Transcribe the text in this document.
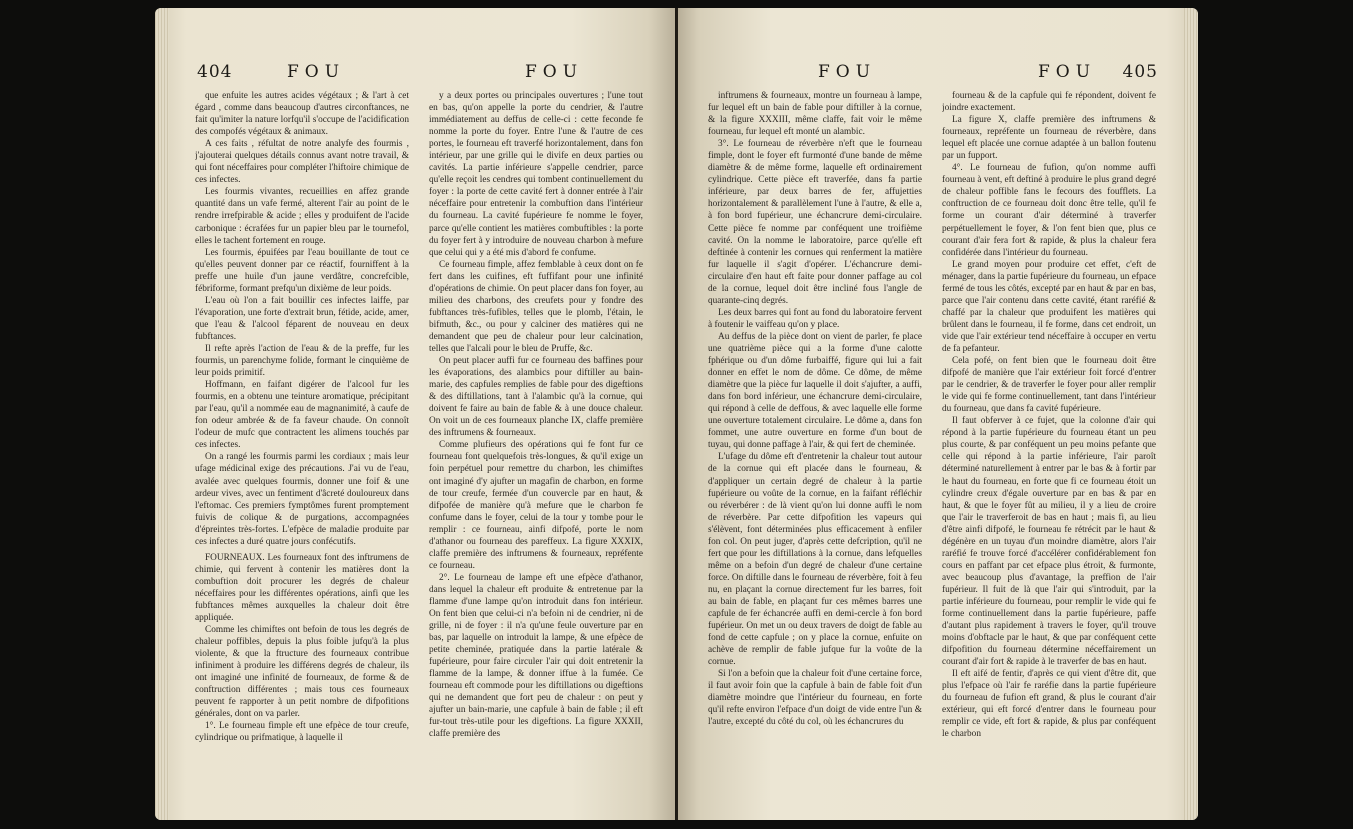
404	FOU	FOU

que enfuite les autres acides végétaux ; & l'art à cet égard , comme dans beaucoup d'autres circonftances, ne fait qu'imiter la nature lorfqu'il s'occupe de l'acidification des compofés végétaux & animaux.

A ces faits , réfultat de notre analyfe des fourmis , j'ajouterai quelques détails connus avant notre travail, & qui font néceffaires pour compléter l'hiftoire chimique de ces infectes.

Les fourmis vivantes, recueillies en affez grande quantité dans un vafe fermé, alterent l'air au point de le rendre irrefpirable & acide ; elles y produifent de l'acide carbonique : écrafées fur un papier bleu par le tournefol, elles le tachent fortement en rouge.

Les fourmis, épuifées par l'eau bouillante de tout ce qu'elles peuvent donner par ce réactif, fourniffent à la preffe une huile d'un jaune verdâtre, concrefcible, fébriforme, formant prefqu'un dixième de leur poids.

L'eau où l'on a fait bouillir ces infectes laiffe, par l'évaporation, une forte d'extrait brun, fétide, acide, amer, que l'eau & l'alcool féparent de nouveau en deux fubftances.

Il refte après l'action de l'eau & de la preffe, fur les fourmis, un parenchyme folide, formant le cinquième de leur poids primitif.

Hoffmann, en faifant digérer de l'alcool fur les fourmis, en a obtenu une teinture aromatique, précipitant par l'eau, qu'il a nommée eau de magnanimité, à caufe de fon odeur ambrée & de fa faveur chaude. On connoît l'odeur de mufc que contractent les alimens touchés par ces infectes.

On a rangé les fourmis parmi les cordiaux ; mais leur ufage médicinal exige des précautions. J'ai vu de l'eau, avalée avec quelques fourmis, donner une foif & une ardeur vives, avec un fentiment d'âcreté douloureux dans l'eftomac. Ces premiers fymptômes furent promptement fuivis de colique & de purgations, accompagnées d'épreintes très-fortes. L'efpèce de maladie produite par ces infectes a duré quatre jours confécutifs.

FOURNEAUX. Les fourneaux font des inftrumens de chimie, qui fervent à contenir les matières dont la combuftion doit procurer les degrés de chaleur néceffaires pour les différentes opérations, ainfi que les fubftances mêmes auxquelles la chaleur doit être appliquée.

Comme les chimiftes ont befoin de tous les degrés de chaleur poffibles, depuis la plus foible jufqu'à la plus violente, & que la ftructure des fourneaux contribue infiniment à produire les différens degrés de chaleur, ils ont imaginé une infinité de fourneaux, de forme & de conftruction différentes ; mais tous ces fourneaux peuvent fe rapporter à un petit nombre de difpofitions générales, dont on va parler.

1°. Le fourneau fimple eft une efpèce de tour creufe, cylindrique ou prifmatique, à laquelle il

y a deux portes ou principales ouvertures ; l'une tout en bas, qu'on appelle la porte du cendrier, & l'autre immédiatement au deffus de celle-ci : cette feconde fe nomme la porte du foyer. Entre l'une & l'autre de ces portes, le fourneau eft traverfé horizontalement, dans fon intérieur, par une grille qui le divife en deux parties ou cavités. La partie inférieure s'appelle cendrier, parce qu'elle reçoit les cendres qui tombent continuellement du foyer : la porte de cette cavité fert à donner entrée à l'air néceffaire pour entretenir la combuftion dans l'intérieur du fourneau. La cavité fupérieure fe nomme le foyer, parce qu'elle contient les matières combuftibles : la porte du foyer fert à y introduire de nouveau charbon à mefure que celui qui y a été mis d'abord fe confume.

Ce fourneau fimple, affez femblable à ceux dont on fe fert dans les cuifines, eft fuffifant pour une infinité d'opérations de chimie. On peut placer dans fon foyer, au milieu des charbons, des creufets pour y fondre des fubftances très-fufibles, telles que le plomb, l'étain, le bifmuth, &c., ou pour y calciner des matières qui ne demandent que peu de chaleur pour leur calcination, telles que l'alcali pour le bleu de Pruffe, &c.

On peut placer auffi fur ce fourneau des baffines pour les évaporations, des alambics pour diftiller au bain-marie, des capfules remplies de fable pour des digeftions & des diftillations, tant à l'alambic qu'à la cornue, qui doivent fe faire au bain de fable & à une douce chaleur. On voit un de ces fourneaux planche IX, claffe première des inftrumens & fourneaux.

Comme plufieurs des opérations qui fe font fur ce fourneau font quelquefois très-longues, & qu'il exige un foin perpétuel pour remettre du charbon, les chimiftes ont imaginé d'y ajufter un magafin de charbon, en forme de tour creufe, fermée d'un couvercle par en haut, & difpofée de manière qu'à mefure que le charbon fe confume dans le foyer, celui de la tour y tombe pour le remplir : ce fourneau, ainfi difpofé, porte le nom d'athanor ou fourneau des pareffeux. La figure XXXIX, claffe première des inftrumens & fourneaux, repréfente ce fourneau.

2°. Le fourneau de lampe eft une efpèce d'athanor, dans lequel la chaleur eft produite & entretenue par la flamme d'une lampe qu'on introduit dans fon intérieur. On fent bien que celui-ci n'a befoin ni de cendrier, ni de grille, ni de foyer : il n'a qu'une feule ouverture par en bas, par laquelle on introduit la lampe, & une efpèce de petite cheminée, pratiquée dans la partie latérale & fupérieure, pour faire circuler l'air qui doit entretenir la flamme de la lampe, & donner iffue à la fumée. Ce fourneau eft commode pour les diftillations ou digeftions qui ne demandent que fort peu de chaleur : on peut y ajufter un bain-marie, une capfule à bain de fable ; il eft fur-tout très-utile pour les digeftions. La figure XXXII, claffe première des

FOU	FOU 405

inftrumens & fourneaux, montre un fourneau à lampe, fur lequel eft un bain de fable pour diftiller à la cornue, & la figure XXXIII, même claffe, fait voir le même fourneau, fur lequel eft monté un alambic.

3°. Le fourneau de réverbère n'eft que le fourneau fimple, dont le foyer eft furmonté d'une bande de même diamètre & de même forme, laquelle eft ordinairement cylindrique. Cette pièce eft traverfée, dans fa partie inférieure, par deux barres de fer, affujetties horizontalement & parallèlement l'une à l'autre, & elle a, à fon bord fupérieur, une échancrure demi-circulaire. Cette pièce fe nomme par conféquent une troifième cavité. On la nomme le laboratoire, parce qu'elle eft deftinée à contenir les cornues qui renferment la matière fur laquelle il s'agit d'opérer. L'échancrure demi-circulaire d'en haut eft faite pour donner paffage au col de la cornue, lequel doit être incliné fous l'angle de quarante-cinq degrés.

Les deux barres qui font au fond du laboratoire fervent à foutenir le vaiffeau qu'on y place.

Au deffus de la pièce dont on vient de parler, fe place une quatrième pièce qui a la forme d'une calotte fphérique ou d'un dôme furbaiffé, figure qui lui a fait donner en effet le nom de dôme. Ce dôme, de même diamètre que la pièce fur laquelle il doit s'ajufter, a auffi, dans fon bord inférieur, une échancrure demi-circulaire, qui répond à celle de deffous, & avec laquelle elle forme une ouverture totalement circulaire. Le dôme a, dans fon fommet, une autre ouverture en forme d'un bout de tuyau, qui donne paffage à l'air, & qui fert de cheminée.

L'ufage du dôme eft d'entretenir la chaleur tout autour de la cornue qui eft placée dans le fourneau, & d'appliquer un certain degré de chaleur à la partie fupérieure ou voûte de la cornue, en la faifant réfléchir ou réverbérer : de là vient qu'on lui donne auffi le nom de réverbère. Par cette difpofition les vapeurs qui s'élèvent, font déterminées plus efficacement à enfiler fon col. On peut juger, d'après cette defcription, qu'il ne fert que pour les diftillations à la cornue, dans lefquelles même on a befoin d'un degré de chaleur d'une certaine force. On diftille dans le fourneau de réverbère, foit à feu nu, en plaçant la cornue directement fur les barres, foit au bain de fable, en plaçant fur ces mêmes barres une capfule de fer échancrée auffi en demi-cercle à fon bord fupérieur. On met un ou deux travers de doigt de fable au fond de cette capfule ; on y place la cornue, enfuite on achève de remplir de fable jufque fur la voûte de la cornue.

Si l'on a befoin que la chaleur foit d'une certaine force, il faut avoir foin que la capfule à bain de fable foit d'un diamètre moindre que l'intérieur du fourneau, en forte qu'il refte environ l'efpace d'un doigt de vide entre l'un & l'autre, excepté du côté du col, où les échancrures du

fourneau & de la capfule qui fe répondent, doivent fe joindre exactement.

La figure X, claffe première des inftrumens & fourneaux, repréfente un fourneau de réverbère, dans lequel eft placée une cornue adaptée à un ballon foutenu par un fupport.

4°. Le fourneau de fufion, qu'on nomme auffi fourneau à vent, eft deftiné à produire le plus grand degré de chaleur poffible fans le fecours des foufflets. La conftruction de ce fourneau doit donc être telle, qu'il fe forme un courant d'air déterminé à traverfer perpétuellement le foyer, & l'on fent bien que, plus ce courant d'air fera fort & rapide, & plus la chaleur fera confidérée dans l'intérieur du fourneau.

Le grand moyen pour produire cet effet, c'eft de ménager, dans la partie fupérieure du fourneau, un efpace fermé de tous les côtés, excepté par en haut & par en bas, parce que l'air contenu dans cette cavité, étant raréfié & chaffé par la chaleur que produifent les matières qui brûlent dans le fourneau, il fe forme, dans cet endroit, un vide que l'air extérieur tend néceffaire à occuper en vertu de fa pefanteur.

Cela pofé, on fent bien que le fourneau doit être difpofé de manière que l'air extérieur foit forcé d'entrer par le cendrier, & de traverfer le foyer pour aller remplir le vide qui fe forme continuellement, tant dans l'intérieur du fourneau, que dans fa cavité fupérieure.

Il faut obferver à ce fujet, que la colonne d'air qui répond à la partie fupérieure du fourneau étant un peu plus courte, & par conféquent un peu moins pefante que celle qui répond à la partie inférieure, l'air paroît déterminé naturellement à entrer par le bas & à fortir par le haut du fourneau, en forte que fi ce fourneau étoit un cylindre creux d'égale ouverture par en bas & par en haut, & que le foyer fût au milieu, il y a lieu de croire que l'air le traverferoit de bas en haut ; mais fi, au lieu d'être ainfi difpofé, le fourneau fe rétrécit par le haut & dégénère en un tuyau d'un moindre diamètre, alors l'air raréfié fe trouve forcé d'accélérer confidérablement fon cours en paffant par cet efpace plus étroit, & furmonte, avec beaucoup plus d'avantage, la preffion de l'air fupérieur. Il fuit de là que l'air qui s'introduit, par la partie inférieure du fourneau, pour remplir le vide qui fe forme continuellement dans la partie fupérieure, paffe d'autant plus rapidement à travers le foyer, qu'il trouve moins d'obftacle par le haut, & que par conféquent cette difpofition du fourneau détermine néceffairement un courant d'air fort & rapide à le traverfer de bas en haut.

Il eft aifé de fentir, d'après ce qui vient d'être dit, que plus l'efpace où l'air fe raréfie dans la partie fupérieure du fourneau de fufion eft grand, & plus le courant d'air extérieur, qui eft forcé d'entrer dans le fourneau pour remplir ce vide, eft fort & rapide, & plus par conféquent le charbon
